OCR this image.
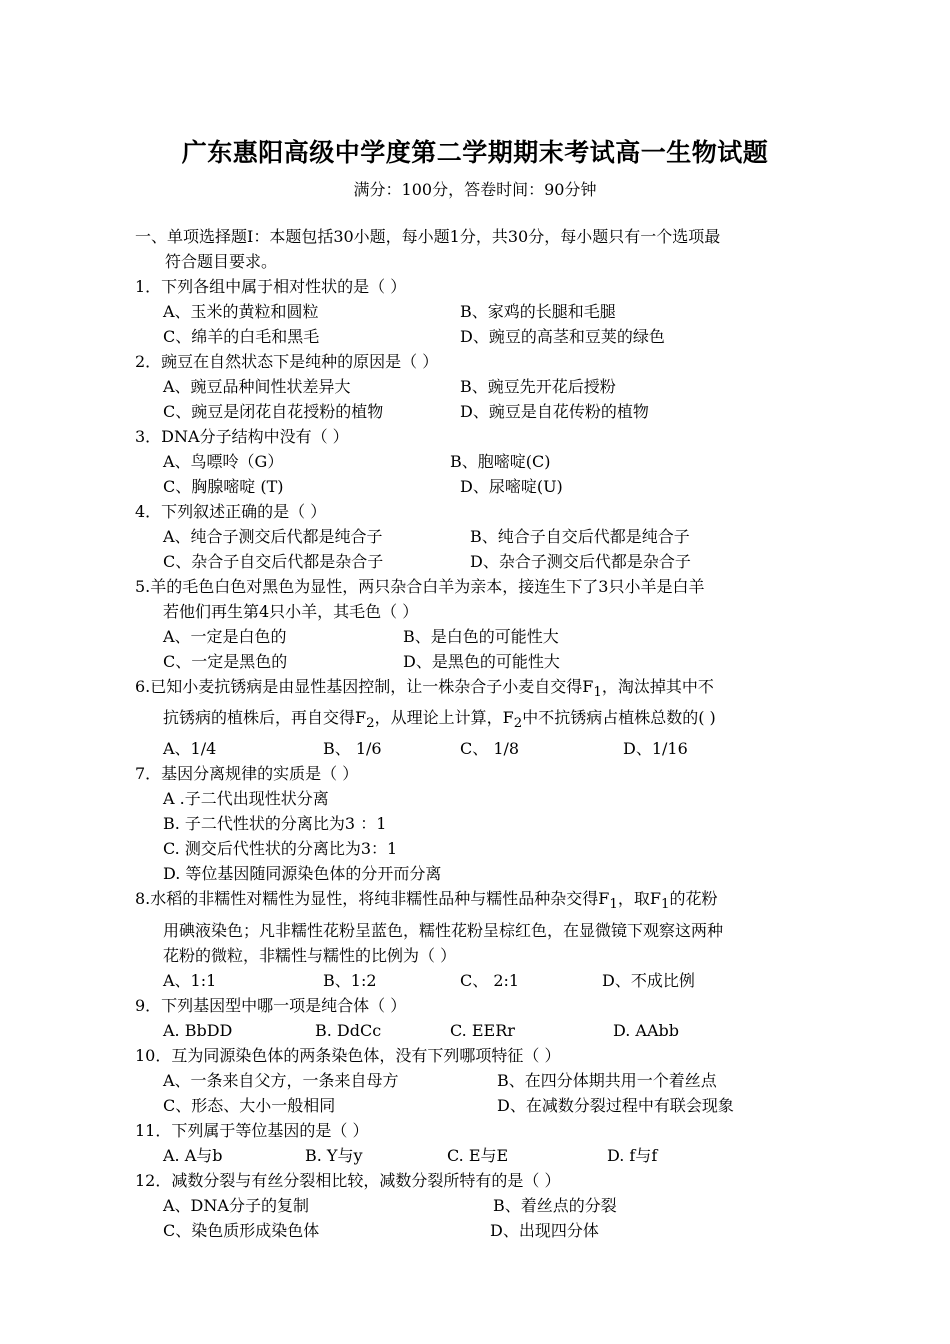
广东惠阳高级中学度第二学期期末考试高一生物试题
满分：100分，答卷时间：90分钟
一、单项选择题Ⅰ：本题包括30小题，每小题1分，共30分，每小题只有一个选项最
符合题目要求。
1．下列各组中属于相对性状的是（ ）
A、玉米的黄粒和圆粒	B、家鸡的长腿和毛腿
C、绵羊的白毛和黑毛	D、豌豆的高茎和豆荚的绿色
2．豌豆在自然状态下是纯种的原因是（ ）
A、豌豆品种间性状差异大	B、豌豆先开花后授粉
C、豌豆是闭花自花授粉的植物	D、豌豆是自花传粉的植物
3．DNA分子结构中没有（ ）
A、鸟嘌呤（G）	B、胞嘧啶(C)
C、胸腺嘧啶 (T)	D、尿嘧啶(U)
4．下列叙述正确的是（ ）
A、纯合子测交后代都是纯合子	B、纯合子自交后代都是纯合子
C、杂合子自交后代都是杂合子	D、杂合子测交后代都是杂合子
5.羊的毛色白色对黑色为显性，两只杂合白羊为亲本，接连生下了3只小羊是白羊
若他们再生第4只小羊，其毛色（ ）
A、一定是白色的	B、是白色的可能性大
C、一定是黑色的	D、是黑色的可能性大
6.已知小麦抗锈病是由显性基因控制，让一株杂合子小麦自交得$F_1$，淘汰掉其中不
抗锈病的植株后，再自交得$F_2$，从理论上计算，$F_2$中不抗锈病占植株总数的( )
A、1/4	B、 1/6	C、 1/8	D、1/16
7．基因分离规律的实质是（ ）
A .子二代出现性状分离
B. 子二代性状的分离比为3 ：1
C. 测交后代性状的分离比为3：1
D. 等位基因随同源染色体的分开而分离
8.水稻的非糯性对糯性为显性，将纯非糯性品种与糯性品种杂交得$F_1$，取$F_1$的花粉
用碘液染色；凡非糯性花粉呈蓝色，糯性花粉呈棕红色，在显微镜下观察这两种
花粉的微粒，非糯性与糯性的比例为（ ）
A、1:1	B、1:2	C、 2:1	D、不成比例
9．下列基因型中哪一项是纯合体（ ）
A. BbDD	B. DdCc	C. EERr	D. AAbb
10．互为同源染色体的两条染色体，没有下列哪项特征（ ）
A、一条来自父方，一条来自母方	B、在四分体期共用一个着丝点
C、形态、大小一般相同	D、在减数分裂过程中有联会现象
11．下列属于等位基因的是（ ）
A. A与b	B. Y与y	C. E与E	D. f与f
12．减数分裂与有丝分裂相比较，减数分裂所特有的是（ ）
A、DNA分子的复制	B、着丝点的分裂
C、染色质形成染色体	D、出现四分体
